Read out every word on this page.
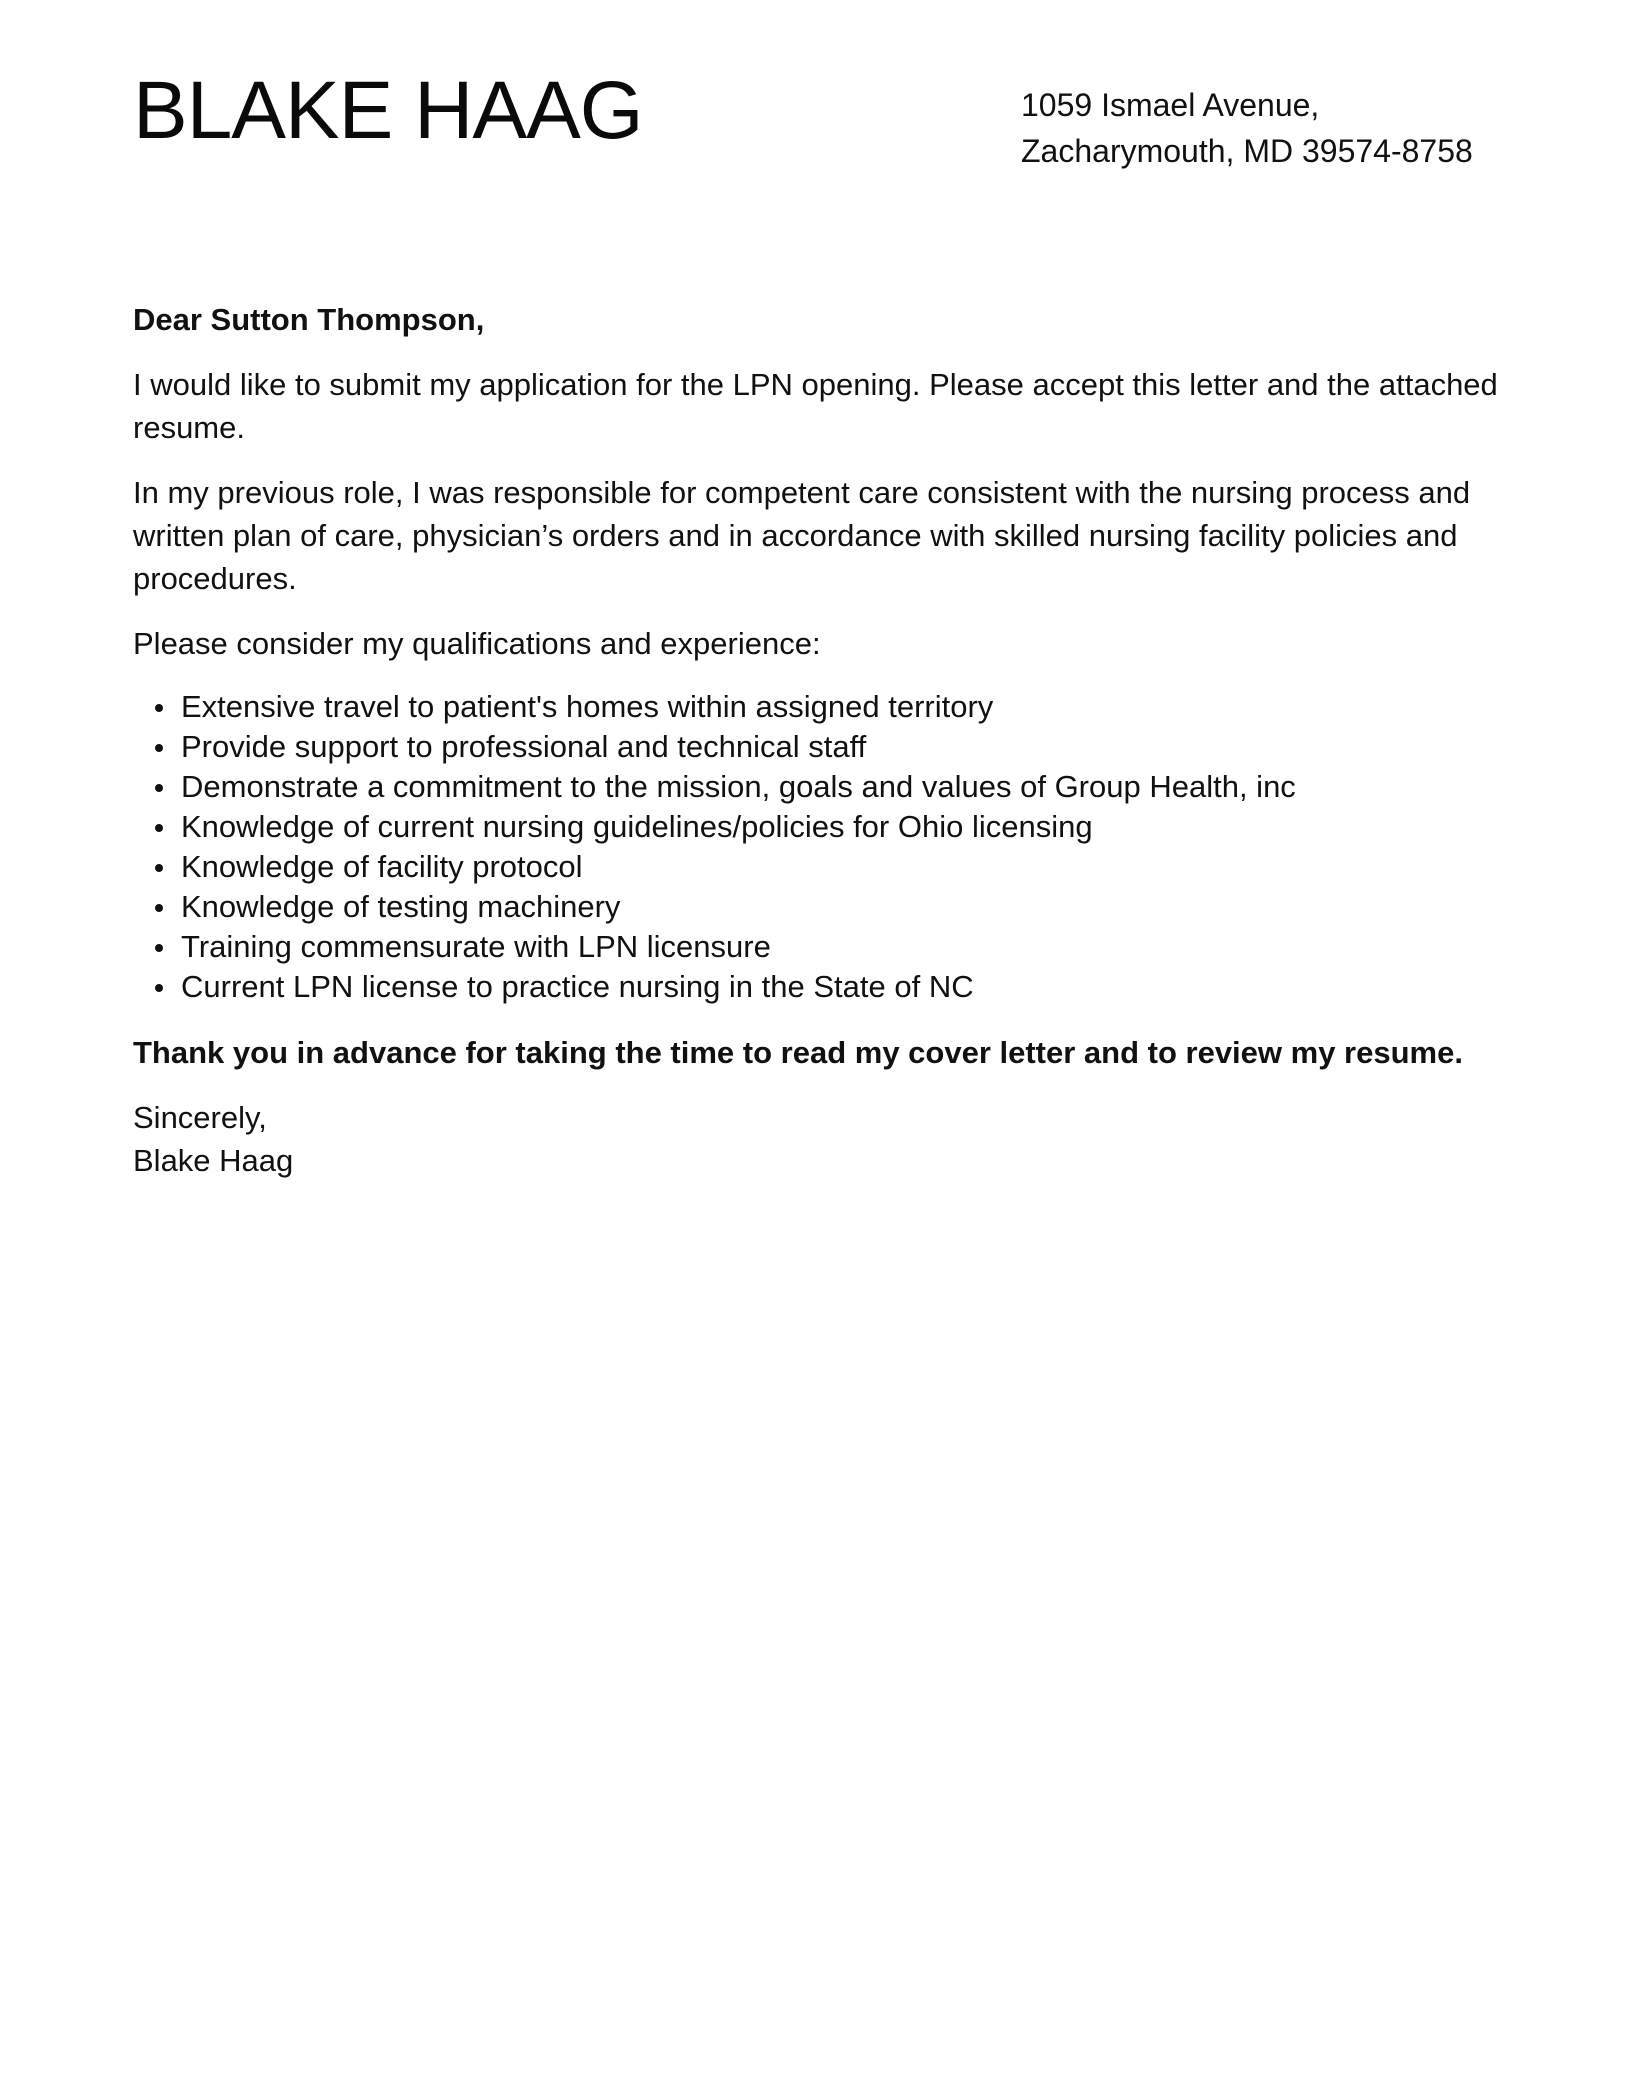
BLAKE HAAG	1059 Ismael Avenue,
Zacharymouth, MD 39574-8758

Dear Sutton Thompson,

I would like to submit my application for the LPN opening. Please accept this letter and the attached resume.

In my previous role, I was responsible for competent care consistent with the nursing process and written plan of care, physician’s orders and in accordance with skilled nursing facility policies and procedures.

Please consider my qualifications and experience:

Extensive travel to patient's homes within assigned territory
Provide support to professional and technical staff
Demonstrate a commitment to the mission, goals and values of Group Health, inc
Knowledge of current nursing guidelines/policies for Ohio licensing
Knowledge of facility protocol
Knowledge of testing machinery
Training commensurate with LPN licensure
Current LPN license to practice nursing in the State of NC

Thank you in advance for taking the time to read my cover letter and to review my resume.

Sincerely,
Blake Haag
